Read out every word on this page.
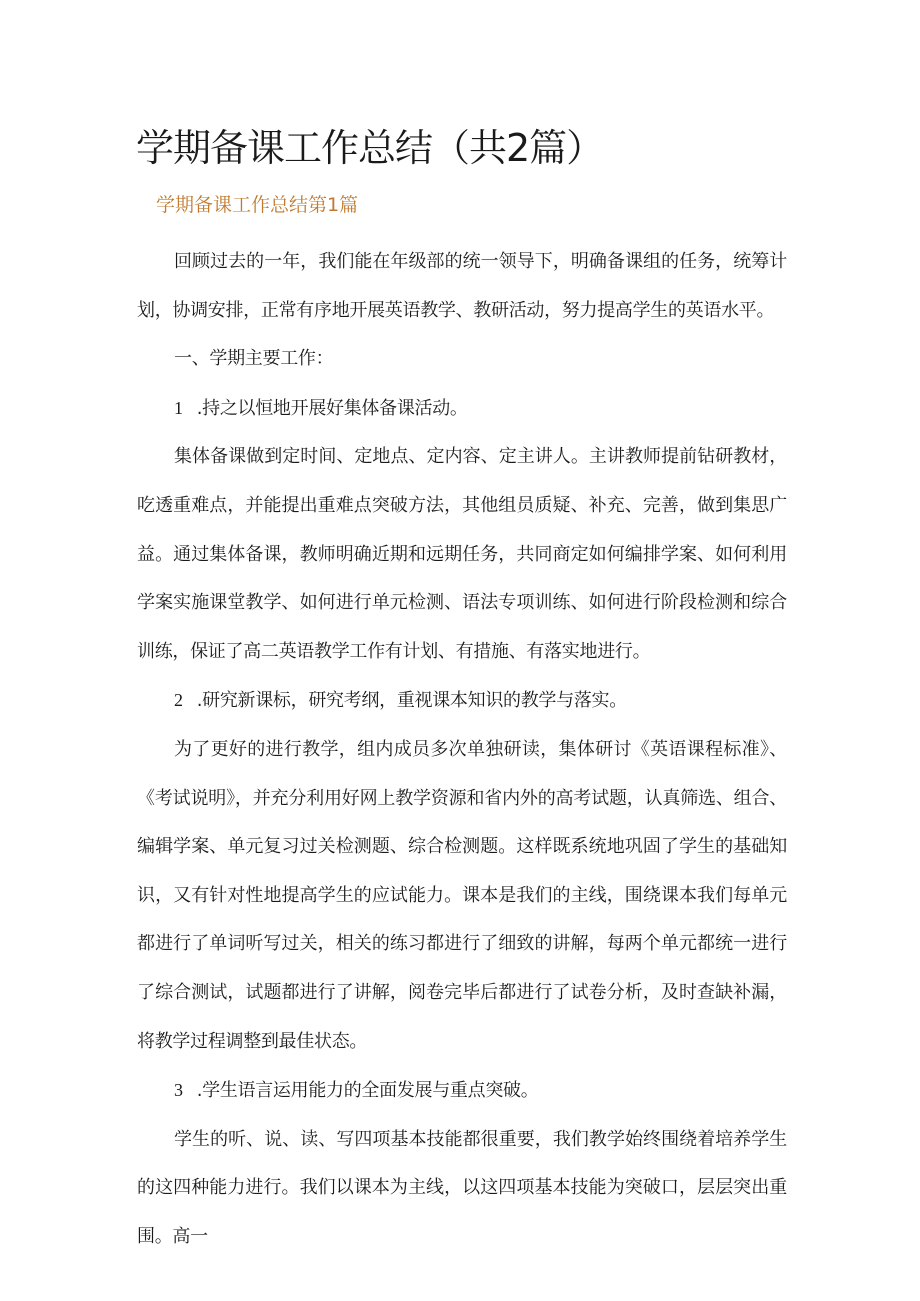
学期备课工作总结（共2篇）
学期备课工作总结第1篇

回顾过去的一年，我们能在年级部的统一领导下，明确备课组的任务，统筹计划，协调安排，正常有序地开展英语教学、教研活动，努力提高学生的英语水平。

一、学期主要工作：

1 .持之以恒地开展好集体备课活动。

集体备课做到定时间、定地点、定内容、定主讲人。主讲教师提前钻研教材，吃透重难点，并能提出重难点突破方法，其他组员质疑、补充、完善，做到集思广益。通过集体备课，教师明确近期和远期任务，共同商定如何编排学案、如何利用学案实施课堂教学、如何进行单元检测、语法专项训练、如何进行阶段检测和综合训练，保证了高二英语教学工作有计划、有措施、有落实地进行。

2 .研究新课标，研究考纲，重视课本知识的教学与落实。

为了更好的进行教学，组内成员多次单独研读，集体研讨《英语课程标准》、《考试说明》，并充分利用好网上教学资源和省内外的高考试题，认真筛选、组合、编辑学案、单元复习过关检测题、综合检测题。这样既系统地巩固了学生的基础知识，又有针对性地提高学生的应试能力。课本是我们的主线，围绕课本我们每单元都进行了单词听写过关，相关的练习都进行了细致的讲解，每两个单元都统一进行了综合测试，试题都进行了讲解，阅卷完毕后都进行了试卷分析，及时查缺补漏，将教学过程调整到最佳状态。

3 .学生语言运用能力的全面发展与重点突破。

学生的听、说、读、写四项基本技能都很重要，我们教学始终围绕着培养学生的这四种能力进行。我们以课本为主线，以这四项基本技能为突破口，层层突出重围。高一
